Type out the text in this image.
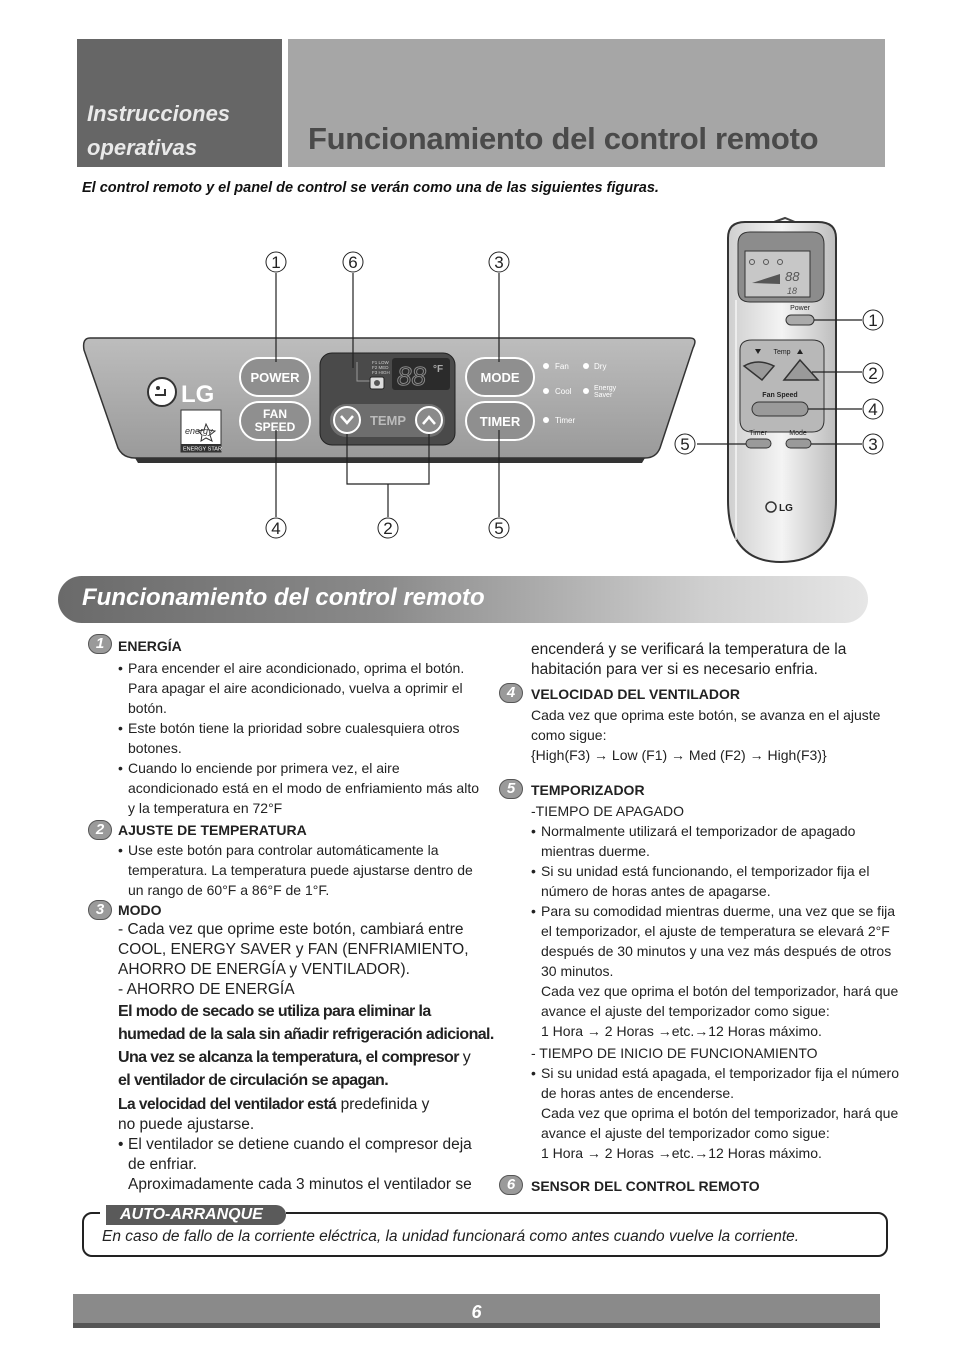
Instrucciones
operativas	Funcionamiento del control remoto
El control remoto y el panel de control se verán como una de las siguientes figuras.
LG
energy
ENERGY STAR
POWER
FAN
SPEED
88 °F
F1 LOW
F2 MED
F3 HIGH
TEMP
MODE
TIMER
Fan	Dry
Cool	Energy
Saver
Timer
1	6	3
4	2	5
88
18
Power
Temp
Fan Speed
Timer	Mode
LG
1
2
4
3
5
Funcionamiento del control remoto
1 ENERGÍA
• Para encender el aire acondicionado, oprima el botón.
Para apagar el aire acondicionado, vuelva a oprimir el
botón.
• Este botón tiene la prioridad sobre cualesquiera otros
botones.
• Cuando lo enciende por primera vez, el aire
acondicionado está en el modo de enfriamiento más alto
y la temperatura en 72°F
2 AJUSTE DE TEMPERATURA
• Use este botón para controlar automáticamente la
temperatura. La temperatura puede ajustarse dentro de
un rango de 60°F a 86°F de 1°F.
3 MODO
- Cada vez que oprime este botón, cambiará entre
COOL, ENERGY SAVER y FAN (ENFRIAMIENTO,
AHORRO DE ENERGÍA y VENTILADOR).
- AHORRO DE ENERGÍA
El modo de secado se utiliza para eliminar la
humedad de la sala sin añadir refrigeración adicional.
Una vez se alcanza la temperatura, el compresor y
el ventilador de circulación se apagan.
La velocidad del ventilador está predefinida y
no puede ajustarse.
• El ventilador se detiene cuando el compresor deja
de enfriar.
Aproximadamente cada 3 minutos el ventilador se
encenderá y se verificará la temperatura de la
habitación para ver si es necesario enfria.
4	VELOCIDAD DEL VENTILADOR
Cada vez que oprima este botón, se avanza en el ajuste
como sigue:
{High(F3) → Low (F1) → Med (F2) → High(F3)}
5	TEMPORIZADOR
-TIEMPO DE APAGADO
• Normalmente utilizará el temporizador de apagado
mientras duerme.
• Si su unidad está funcionando, el temporizador fija el
número de horas antes de apagarse.
• Para su comodidad mientras duerme, una vez que se fija
el temporizador, el ajuste de temperatura se elevará 2°F
después de 30 minutos y una vez más después de otros
30 minutos.
Cada vez que oprima el botón del temporizador, hará que
avance el ajuste del temporizador como sigue:
1 Hora → 2 Horas →etc.→12 Horas máximo.
- TIEMPO DE INICIO DE FUNCIONAMIENTO
• Si su unidad está apagada, el temporizador fija el número
de horas antes de encenderse.
Cada vez que oprima el botón del temporizador, hará que
avance el ajuste del temporizador como sigue:
1 Hora → 2 Horas →etc.→12 Horas máximo.
6	SENSOR DEL CONTROL REMOTO
En caso de fallo de la corriente eléctrica, la unidad funcionará como antes cuando vuelve la corriente.
AUTO-ARRANQUE
6
